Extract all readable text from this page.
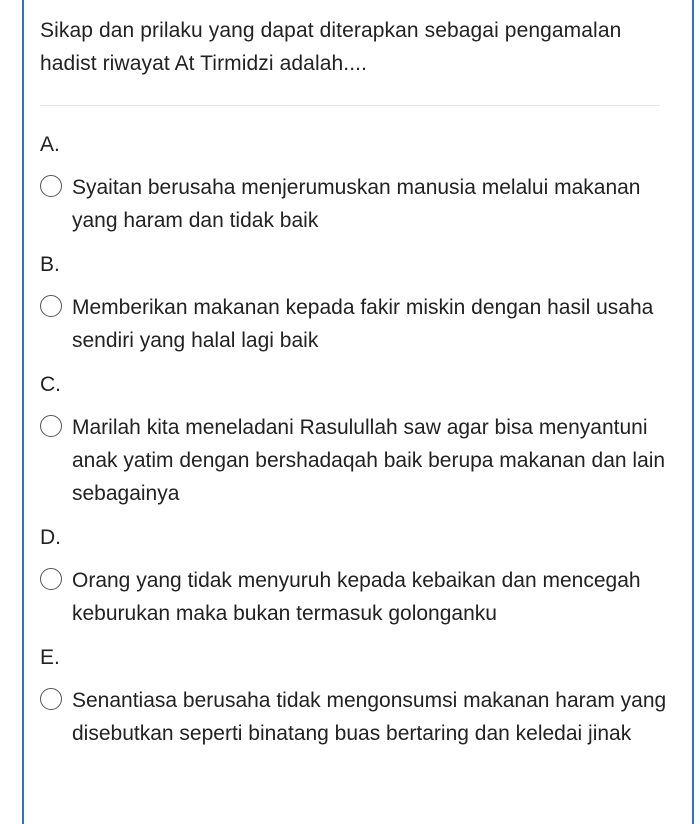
Sikap dan prilaku yang dapat diterapkan sebagai pengamalan hadist riwayat At Tirmidzi adalah....

A.
Syaitan berusaha menjerumuskan manusia melalui makanan yang haram dan tidak baik
B.
Memberikan makanan kepada fakir miskin dengan hasil usaha sendiri yang halal lagi baik
C.
Marilah kita meneladani Rasulullah saw agar bisa menyantuni anak yatim dengan bershadaqah baik berupa makanan dan lain sebagainya
D.
Orang yang tidak menyuruh kepada kebaikan dan mencegah keburukan maka bukan termasuk golonganku
E.
Senantiasa berusaha tidak mengonsumsi makanan haram yang disebutkan seperti binatang buas bertaring dan keledai jinak
